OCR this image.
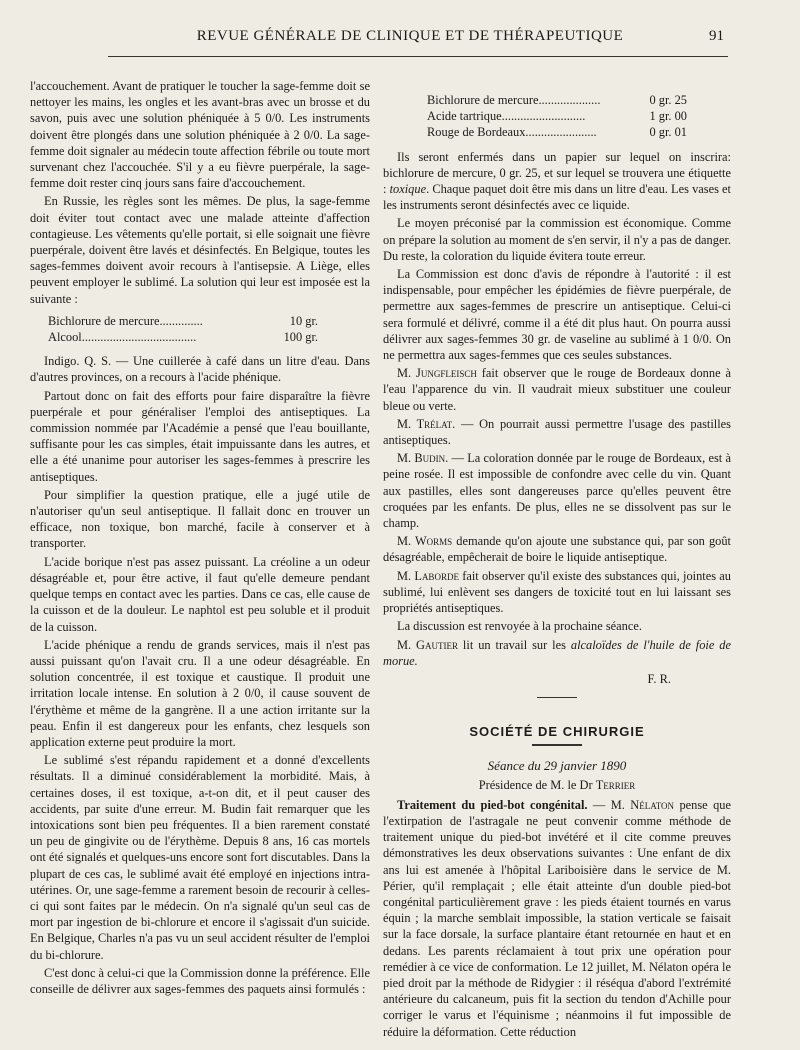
REVUE GÉNÉRALE DE CLINIQUE ET DE THÉRAPEUTIQUE	91

l'accouchement. Avant de pratiquer le toucher la sage-femme doit se nettoyer les mains, les ongles et les avant-bras avec un brosse et du savon, puis avec une solution phéniquée à 5 0/0. Les instruments doivent être plongés dans une solution phéniquée à 2 0/0. La sage-femme doit signaler au médecin toute affection fébrile ou toute mort survenant chez l'accouchée. S'il y a eu fièvre puerpérale, la sage-femme doit rester cinq jours sans faire d'accouchement.

En Russie, les règles sont les mêmes. De plus, la sage-femme doit éviter tout contact avec une malade atteinte d'affection contagieuse. Les vêtements qu'elle portait, si elle soignait une fièvre puerpérale, doivent être lavés et désinfectés. En Belgique, toutes les sages-femmes doivent avoir recours à l'antisepsie. A Liège, elles peuvent employer le sublimé. La solution qui leur est imposée est la suivante :

Bichlorure de mercure..............	10 gr.
Alcool.....................................	100 gr.

Indigo. Q. S. — Une cuillerée à café dans un litre d'eau. Dans d'autres provinces, on a recours à l'acide phénique.

Partout donc on fait des efforts pour faire disparaître la fièvre puerpérale et pour généraliser l'emploi des antiseptiques. La commission nommée par l'Académie a pensé que l'eau bouillante, suffisante pour les cas simples, était impuissante dans les autres, et elle a été unanime pour autoriser les sages-femmes à prescrire les antiseptiques.

Pour simplifier la question pratique, elle a jugé utile de n'autoriser qu'un seul antiseptique. Il fallait donc en trouver un efficace, non toxique, bon marché, facile à conserver et à transporter.

L'acide borique n'est pas assez puissant. La créoline a un odeur désagréable et, pour être active, il faut qu'elle demeure pendant quelque temps en contact avec les parties. Dans ce cas, elle cause de la cuisson et de la douleur. Le naphtol est peu soluble et il produit de la cuisson.

L'acide phénique a rendu de grands services, mais il n'est pas aussi puissant qu'on l'avait cru. Il a une odeur désagréable. En solution concentrée, il est toxique et caustique. Il produit une irritation locale intense. En solution à 2 0/0, il cause souvent de l'érythème et même de la gangrène. Il a une action irritante sur la peau. Enfin il est dangereux pour les enfants, chez lesquels son application externe peut produire la mort.

Le sublimé s'est répandu rapidement et a donné d'excellents résultats. Il a diminué considérablement la morbidité. Mais, à certaines doses, il est toxique, a-t-on dit, et il peut causer des accidents, par suite d'une erreur. M. Budin fait remarquer que les intoxications sont bien peu fréquentes. Il a bien rarement constaté un peu de gingivite ou de l'érythème. Depuis 8 ans, 16 cas mortels ont été signalés et quelques-uns encore sont fort discutables. Dans la plupart de ces cas, le sublimé avait été employé en injections intra-utérines. Or, une sage-femme a rarement besoin de recourir à celles-ci qui sont faites par le médecin. On n'a signalé qu'un seul cas de mort par ingestion de bi-chlorure et encore il s'agissait d'un suicide. En Belgique, Charles n'a pas vu un seul accident résulter de l'emploi du bi-chlorure.

C'est donc à celui-ci que la Commission donne la préférence. Elle conseille de délivrer aux sages-femmes des paquets ainsi formulés :

Bichlorure de mercure....................	0 gr. 25
Acide tartrique...........................	1 gr. 00
Rouge de Bordeaux.......................	0 gr. 01

Ils seront enfermés dans un papier sur lequel on inscrira: bichlorure de mercure, 0 gr. 25, et sur lequel se trouvera une étiquette : toxique. Chaque paquet doit être mis dans un litre d'eau. Les vases et les instruments seront désinfectés avec ce liquide.

Le moyen préconisé par la commission est économique. Comme on prépare la solution au moment de s'en servir, il n'y a pas de danger. Du reste, la coloration du liquide évitera toute erreur.

La Commission est donc d'avis de répondre à l'autorité : il est indispensable, pour empêcher les épidémies de fièvre puerpérale, de permettre aux sages-femmes de prescrire un antiseptique. Celui-ci sera formulé et délivré, comme il a été dit plus haut. On pourra aussi délivrer aux sages-femmes 30 gr. de vaseline au sublimé à 1 0/0. On ne permettra aux sages-femmes que ces seules substances.

M. Jungfleisch fait observer que le rouge de Bordeaux donne à l'eau l'apparence du vin. Il vaudrait mieux substituer une couleur bleue ou verte.

M. Trélat. — On pourrait aussi permettre l'usage des pastilles antiseptiques.

M. Budin. — La coloration donnée par le rouge de Bordeaux, est à peine rosée. Il est impossible de confondre avec celle du vin. Quant aux pastilles, elles sont dangereuses parce qu'elles peuvent être croquées par les enfants. De plus, elles ne se dissolvent pas sur le champ.

M. Worms demande qu'on ajoute une substance qui, par son goût désagréable, empêcherait de boire le liquide antiseptique.

M. Laborde fait observer qu'il existe des substances qui, jointes au sublimé, lui enlèvent ses dangers de toxicité tout en lui laissant ses propriétés antiseptiques.

La discussion est renvoyée à la prochaine séance.

M. Gautier lit un travail sur les alcaloïdes de l'huile de foie de morue.

F. R.
SOCIÉTÉ DE CHIRURGIE
Séance du 29 janvier 1890
Présidence de M. le Dr Terrier

Traitement du pied-bot congénital. — M. Nélaton pense que l'extirpation de l'astragale ne peut convenir comme méthode de traitement unique du pied-bot invétéré et il cite comme preuves démonstratives les deux observations suivantes : Une enfant de dix ans lui est amenée à l'hôpital Lariboisière dans le service de M. Périer, qu'il remplaçait ; elle était atteinte d'un double pied-bot congénital particulièrement grave : les pieds étaient tournés en varus équin ; la marche semblait impossible, la station verticale se faisait sur la face dorsale, la surface plantaire étant retournée en haut et en dedans. Les parents réclamaient à tout prix une opération pour remédier à ce vice de conformation. Le 12 juillet, M. Nélaton opéra le pied droit par la méthode de Ridygier : il réséqua d'abord l'extrémité antérieure du calcaneum, puis fit la section du tendon d'Achille pour corriger le varus et l'équinisme ; néanmoins il fut impossible de réduire la déformation. Cette réduction
